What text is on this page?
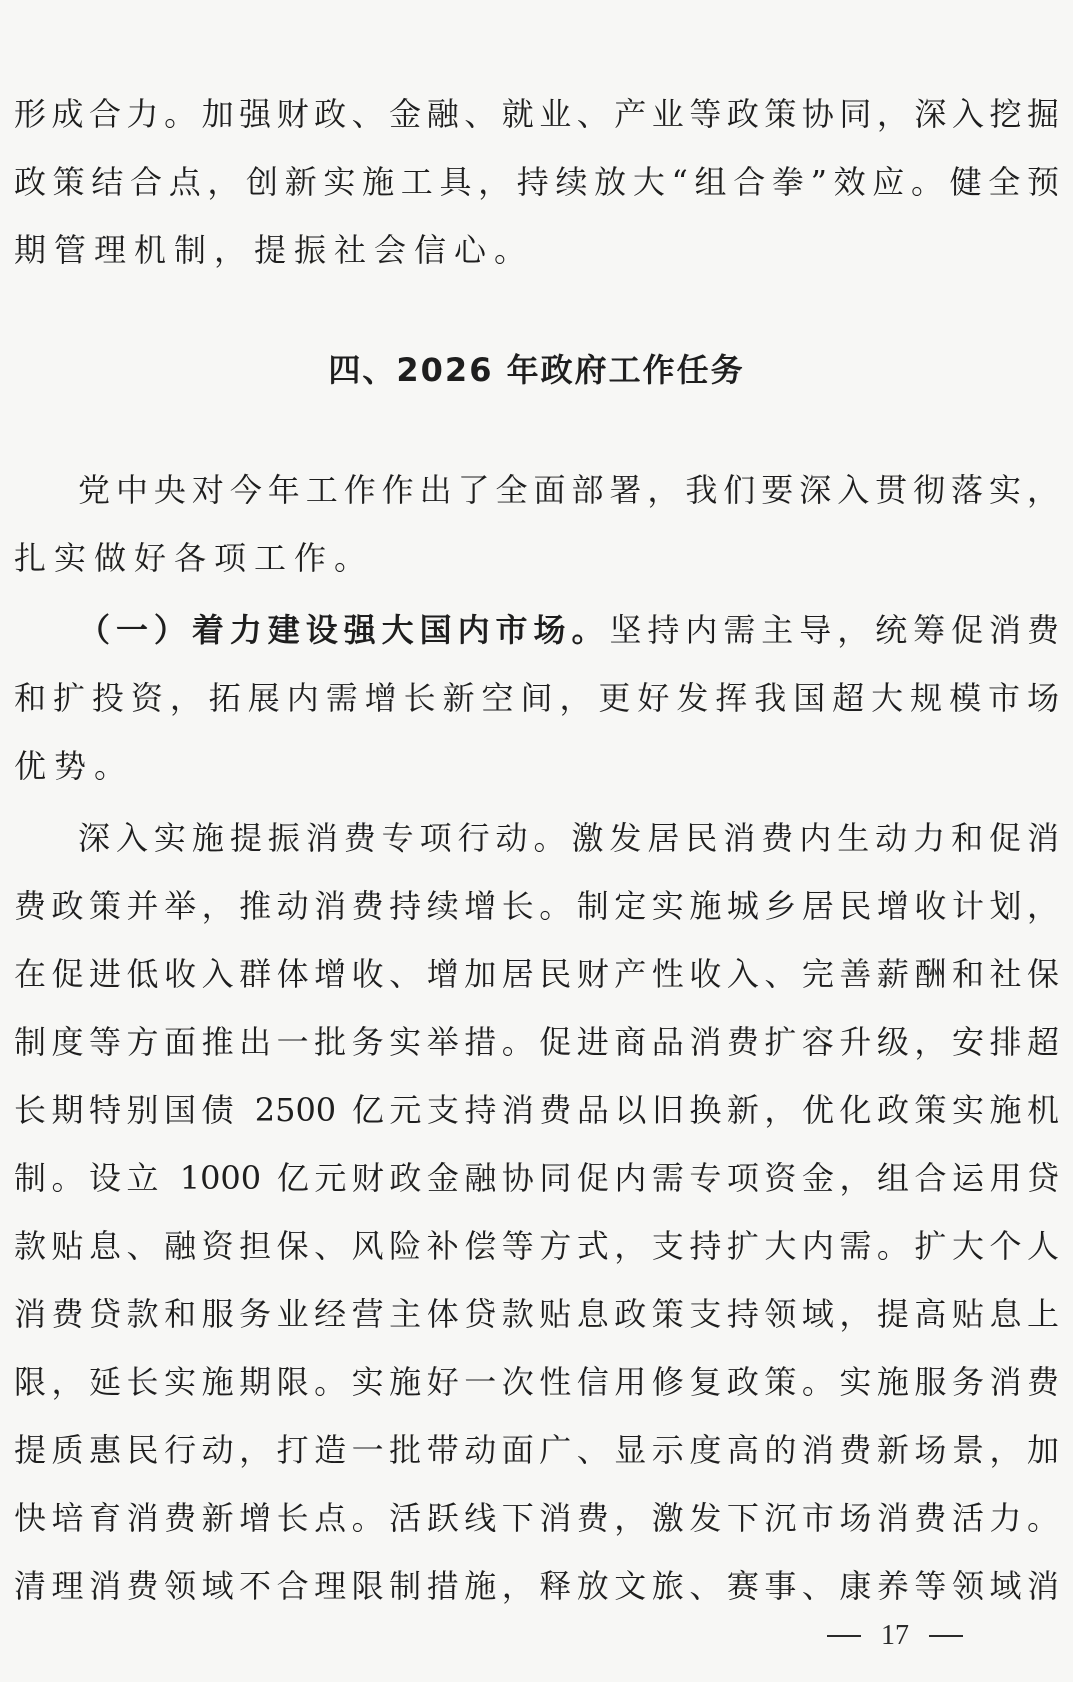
形成合力。加强财政、金融、就业、产业等政策协同，深入挖掘
政策结合点，创新实施工具，持续放大“组合拳”效应。健全预
期管理机制，提振社会信心。
四、2026 年政府工作任务
党中央对今年工作作出了全面部署，我们要深入贯彻落实，
扎实做好各项工作。
（一）着力建设强大国内市场。坚持内需主导，统筹促消费
和扩投资，拓展内需增长新空间，更好发挥我国超大规模市场
优势。
深入实施提振消费专项行动。激发居民消费内生动力和促消
费政策并举，推动消费持续增长。制定实施城乡居民增收计划，
在促进低收入群体增收、增加居民财产性收入、完善薪酬和社保
制度等方面推出一批务实举措。促进商品消费扩容升级，安排超
长期特别国债 2500 亿元支持消费品以旧换新，优化政策实施机
制。设立 1000 亿元财政金融协同促内需专项资金，组合运用贷
款贴息、融资担保、风险补偿等方式，支持扩大内需。扩大个人
消费贷款和服务业经营主体贷款贴息政策支持领域，提高贴息上
限，延长实施期限。实施好一次性信用修复政策。实施服务消费
提质惠民行动，打造一批带动面广、显示度高的消费新场景，加
快培育消费新增长点。活跃线下消费，激发下沉市场消费活力。
清理消费领域不合理限制措施，释放文旅、赛事、康养等领域消
17
